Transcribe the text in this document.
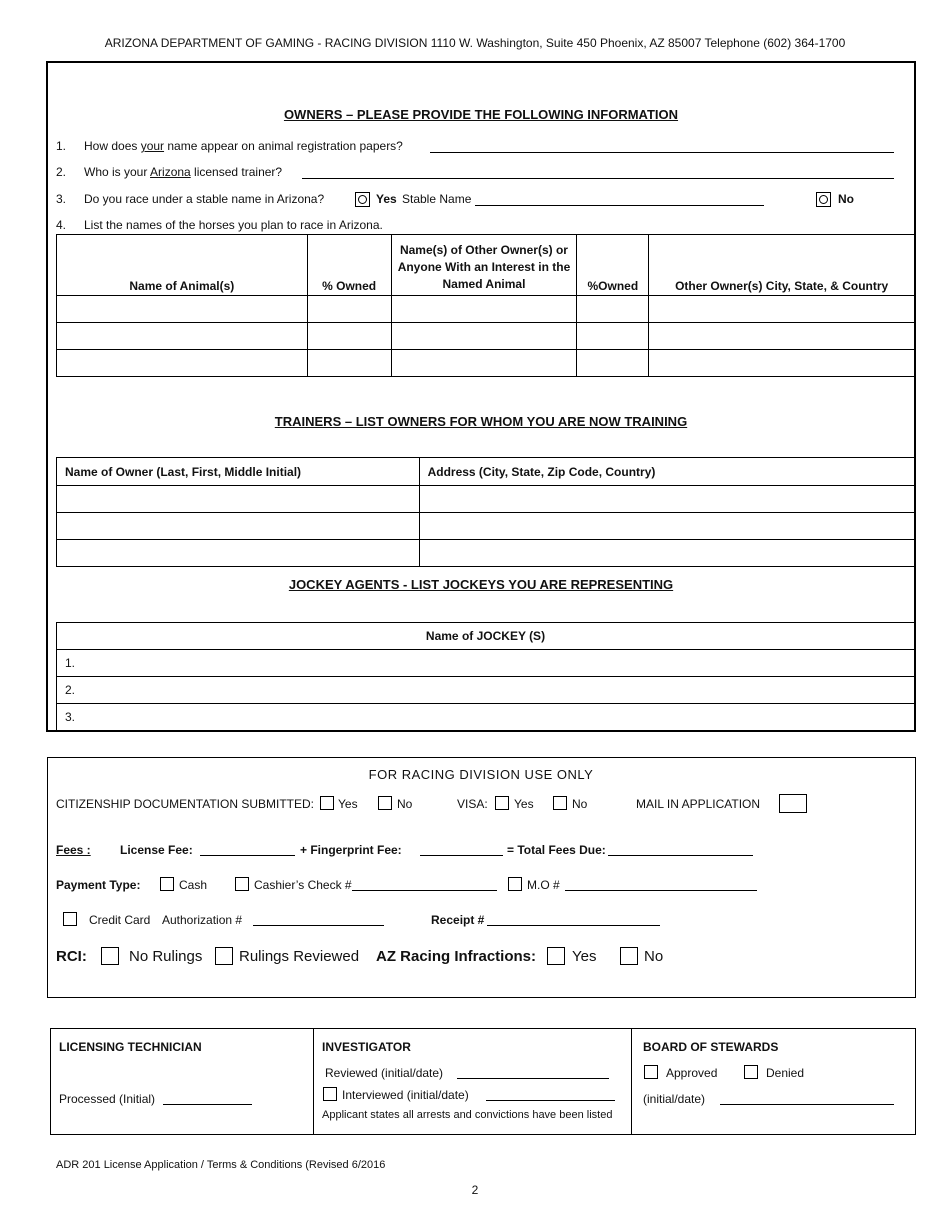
ARIZONA DEPARTMENT OF GAMING - RACING DIVISION 1110 W. Washington, Suite 450 Phoenix, AZ 85007 Telephone (602) 364-1700
OWNERS – PLEASE PROVIDE THE FOLLOWING INFORMATION
1. How does your name appear on animal registration papers?
2. Who is your Arizona licensed trainer?
3. Do you race under a stable name in Arizona?	Yes Stable Name	No
4. List the names of the horses you plan to race in Arizona.
Name of Animal(s)	% Owned	Name(s) of Other Owner(s) or Anyone With an Interest in the Named Animal	%Owned	Other Owner(s) City, State, & Country

TRAINERS – LIST OWNERS FOR WHOM YOU ARE NOW TRAINING
Name of Owner (Last, First, Middle Initial)	Address (City, State, Zip Code, Country)

JOCKEY AGENTS - LIST JOCKEYS YOU ARE REPRESENTING
Name of JOCKEY (S)
1.
2.
3.
FOR RACING DIVISION USE ONLY
CITIZENSHIP DOCUMENTATION SUBMITTED: Yes	No	VISA: Yes	No	MAIL IN APPLICATION
Fees : License Fee:	+ Fingerprint Fee:	= Total Fees Due:
Payment Type:	Cash	Cashier’s Check #	M.O #
Credit Card Authorization #	Receipt #
RCI:	No Rulings Rulings Reviewed AZ Racing Infractions: Yes	No
LICENSING TECHNICIAN
Processed (Initial)
INVESTIGATOR
Reviewed (initial/date)
Interviewed (initial/date)
Applicant states all arrests and convictions have been listed
BOARD OF STEWARDS
Approved	Denied
(initial/date)
ADR 201 License Application / Terms & Conditions (Revised 6/2016
2
